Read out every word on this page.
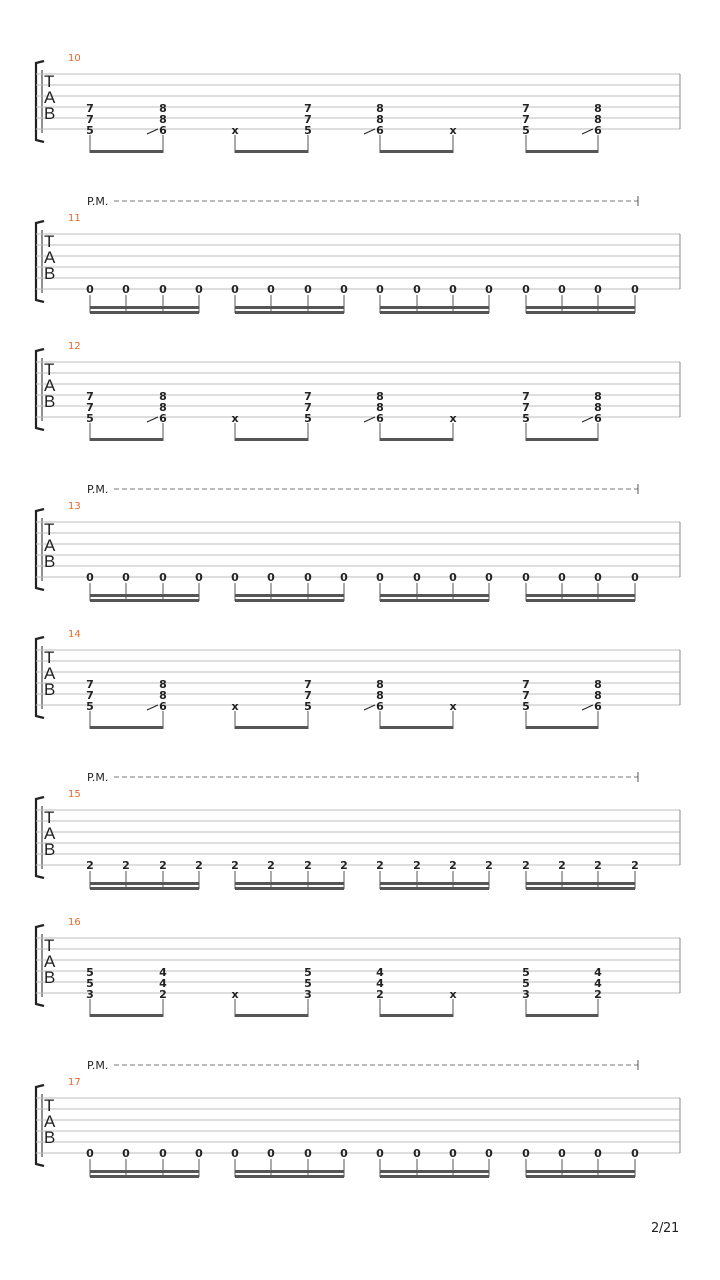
10
T
A
B	7
7
5
8
8
6	x
7
7
5
8
8
6	x
7
7
5
8
8
6
P.M.
11
T
A
B
0	0	0	0	0	0	0	0	0	0	0	0	0	0	0	0
12
T
A
B	7
7
5
8
8
6	x
7
7
5
8
8
6	x
7
7
5
8
8
6
P.M.
13
T
A
B
0	0	0	0	0	0	0	0	0	0	0	0	0	0	0	0
14
T
A
B	7
7
5
8
8
6	x
7
7
5
8
8
6	x
7
7
5
8
8
6
P.M.
15
T
A
B
2	2	2	2	2	2	2	2	2	2	2	2	2	2	2	2
16
T
A
B	5
5
3
4
4
2	x
5
5
3
4
4
2	x
5
5
3
4
4
2
P.M.
17
T
A
B
0	0	0	0	0	0	0	0	0	0	0	0	0	0	0	0
2/21
